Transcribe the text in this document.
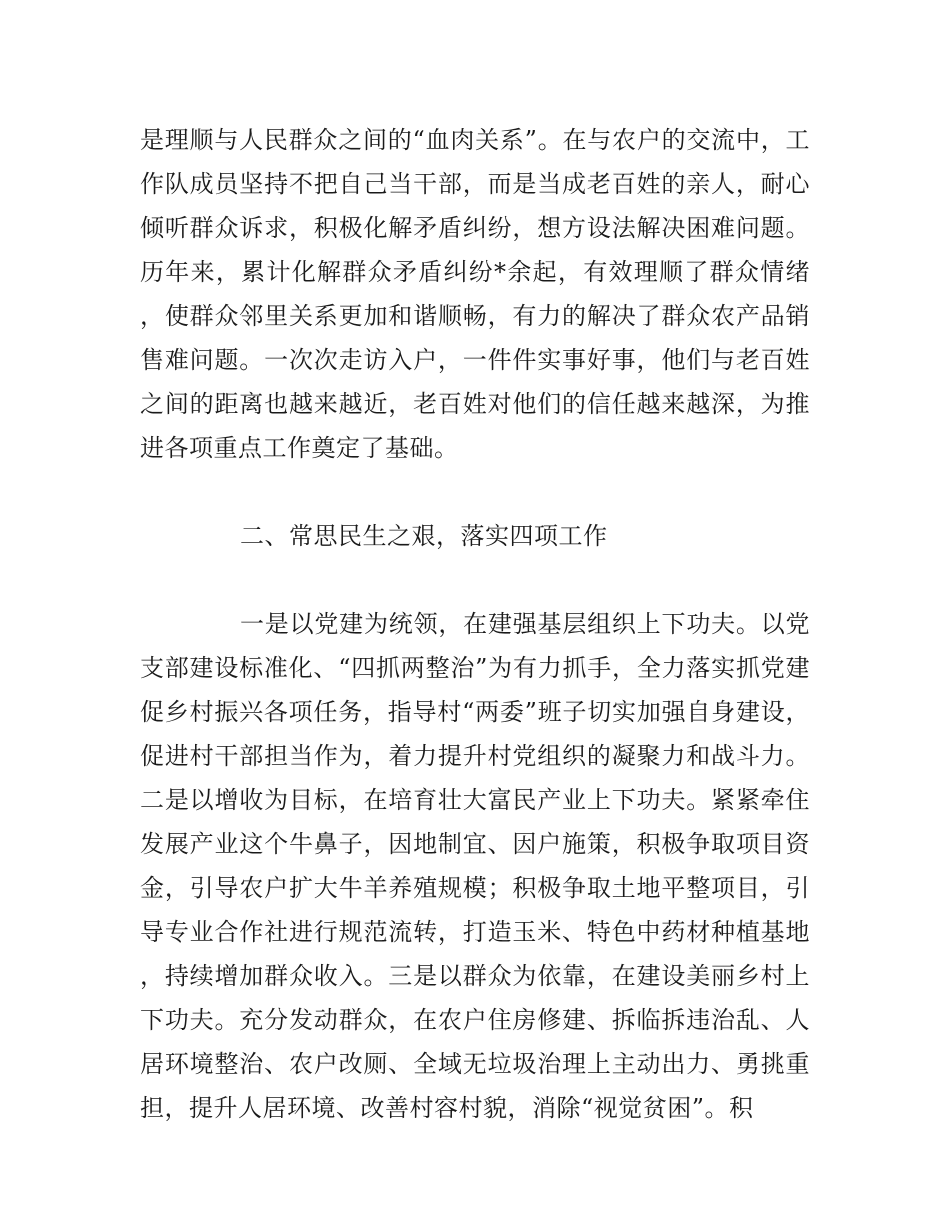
是理顺与人民群众之间的“血肉关系”。在与农户的交流中，工作队成员坚持不把自己当干部，而是当成老百姓的亲人，耐心倾听群众诉求，积极化解矛盾纠纷，想方设法解决困难问题。历年来，累计化解群众矛盾纠纷*余起，有效理顺了群众情绪，使群众邻里关系更加和谐顺畅，有力的解决了群众农产品销售难问题。一次次走访入户，一件件实事好事，他们与老百姓之间的距离也越来越近，老百姓对他们的信任越来越深，为推进各项重点工作奠定了基础。

二、常思民生之艰，落实四项工作

一是以党建为统领，在建强基层组织上下功夫。以党支部建设标准化、“四抓两整治”为有力抓手，全力落实抓党建促乡村振兴各项任务，指导村“两委”班子切实加强自身建设，促进村干部担当作为，着力提升村党组织的凝聚力和战斗力。二是以增收为目标，在培育壮大富民产业上下功夫。紧紧牵住发展产业这个牛鼻子，因地制宜、因户施策，积极争取项目资金，引导农户扩大牛羊养殖规模；积极争取土地平整项目，引导专业合作社进行规范流转，打造玉米、特色中药材种植基地，持续增加群众收入。三是以群众为依靠，在建设美丽乡村上下功夫。充分发动群众，在农户住房修建、拆临拆违治乱、人居环境整治、农户改厕、全域无垃圾治理上主动出力、勇挑重担，提升人居环境、改善村容村貌，消除“视觉贫困”。积
